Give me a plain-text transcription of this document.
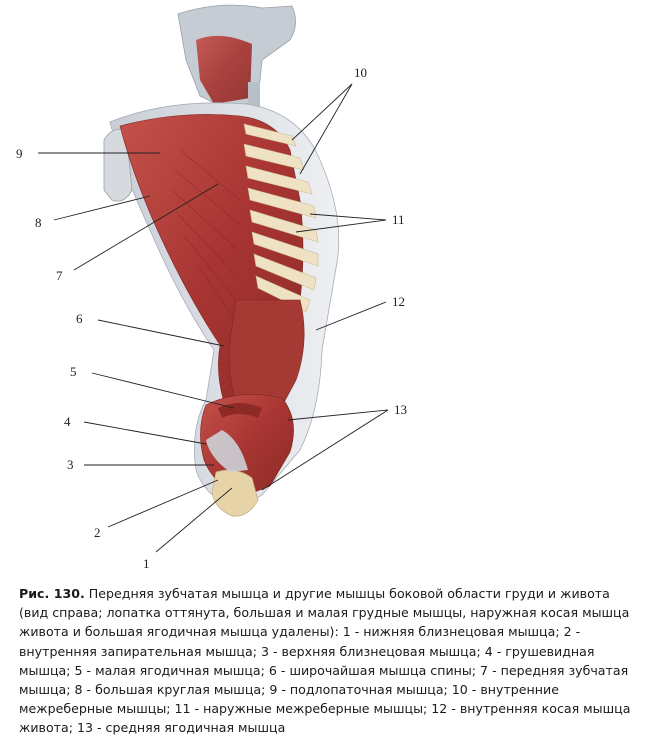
9
8
7
6
5
4
3
2
1
10
11
12
13
Рис. 130. Передняя зубчатая мышца и другие мышцы боковой области груди и живота (вид справа; лопатка оттянута, большая и малая грудные мышцы, наружная косая мышца живота и большая ягодичная мышца удалены): 1 - нижняя близнецовая мышца; 2 - внутренняя запирательная мышца; 3 - верхняя близнецовая мышца; 4 - грушевидная мышца; 5 - малая ягодичная мышца; 6 - широчайшая мышца спины; 7 - передняя зубчатая мышца; 8 - большая круглая мышца; 9 - подлопаточная мышца; 10 - внутренние межреберные мышцы; 11 - наружные межреберные мышцы; 12 - внутренняя косая мышца живота; 13 - средняя ягодичная мышца
